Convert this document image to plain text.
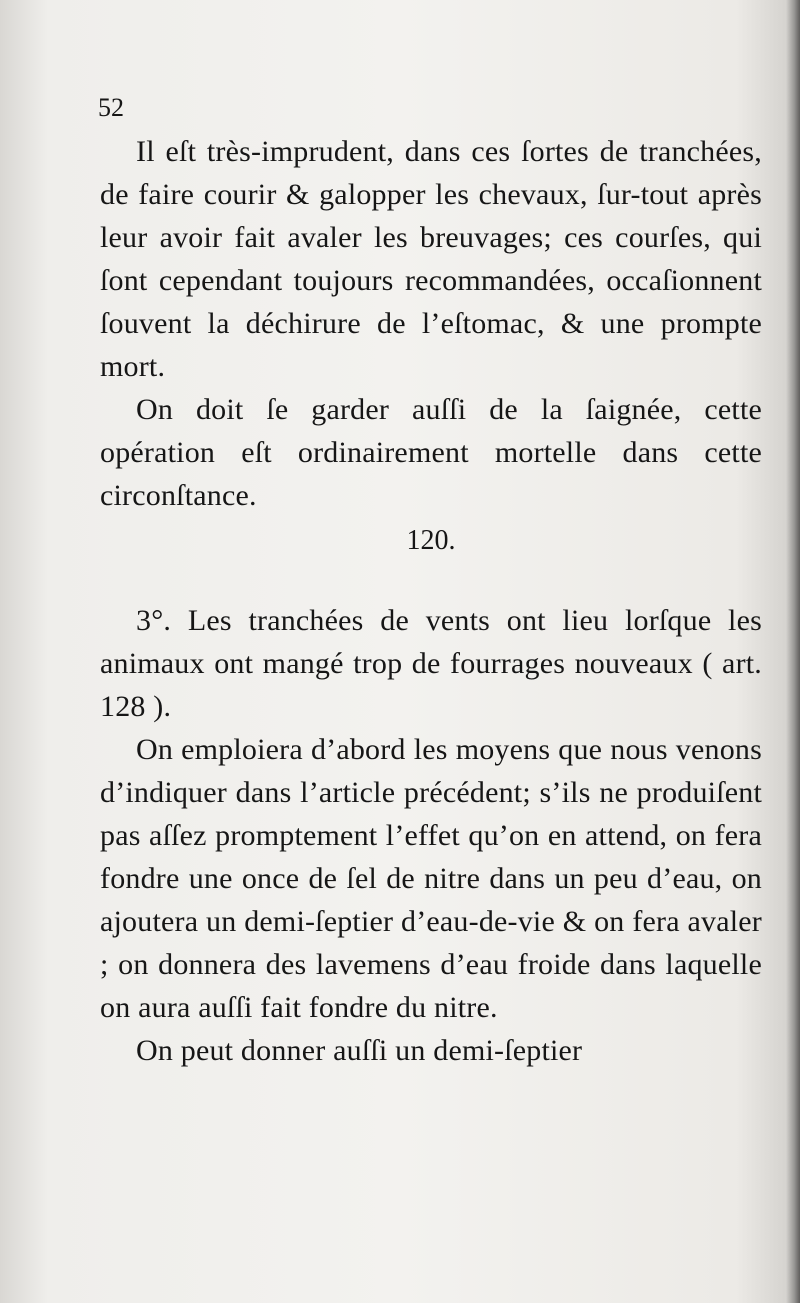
52

Il eſt très-imprudent, dans ces ſortes de tranchées, de faire courir & galopper les chevaux, ſur-tout après leur avoir fait avaler les breuvages; ces courſes, qui ſont cependant toujours recommandées, occaſionnent ſouvent la déchirure de l’eſtomac, & une prompte mort.

On doit ſe garder auſſi de la ſaignée, cette opération eſt ordinairement mortelle dans cette circonſtance.

120.

3°. Les tranchées de vents ont lieu lorſque les animaux ont mangé trop de fourrages nouveaux ( art. 128 ).

On emploiera d’abord les moyens que nous venons d’indiquer dans l’article précédent; s’ils ne produiſent pas aſſez promptement l’effet qu’on en attend, on fera fondre une once de ſel de nitre dans un peu d’eau, on ajoutera un demi-ſeptier d’eau-de-vie & on fera avaler ; on donnera des lavemens d’eau froide dans laquelle on aura auſſi fait fondre du nitre.

On peut donner auſſi un demi-ſeptier
